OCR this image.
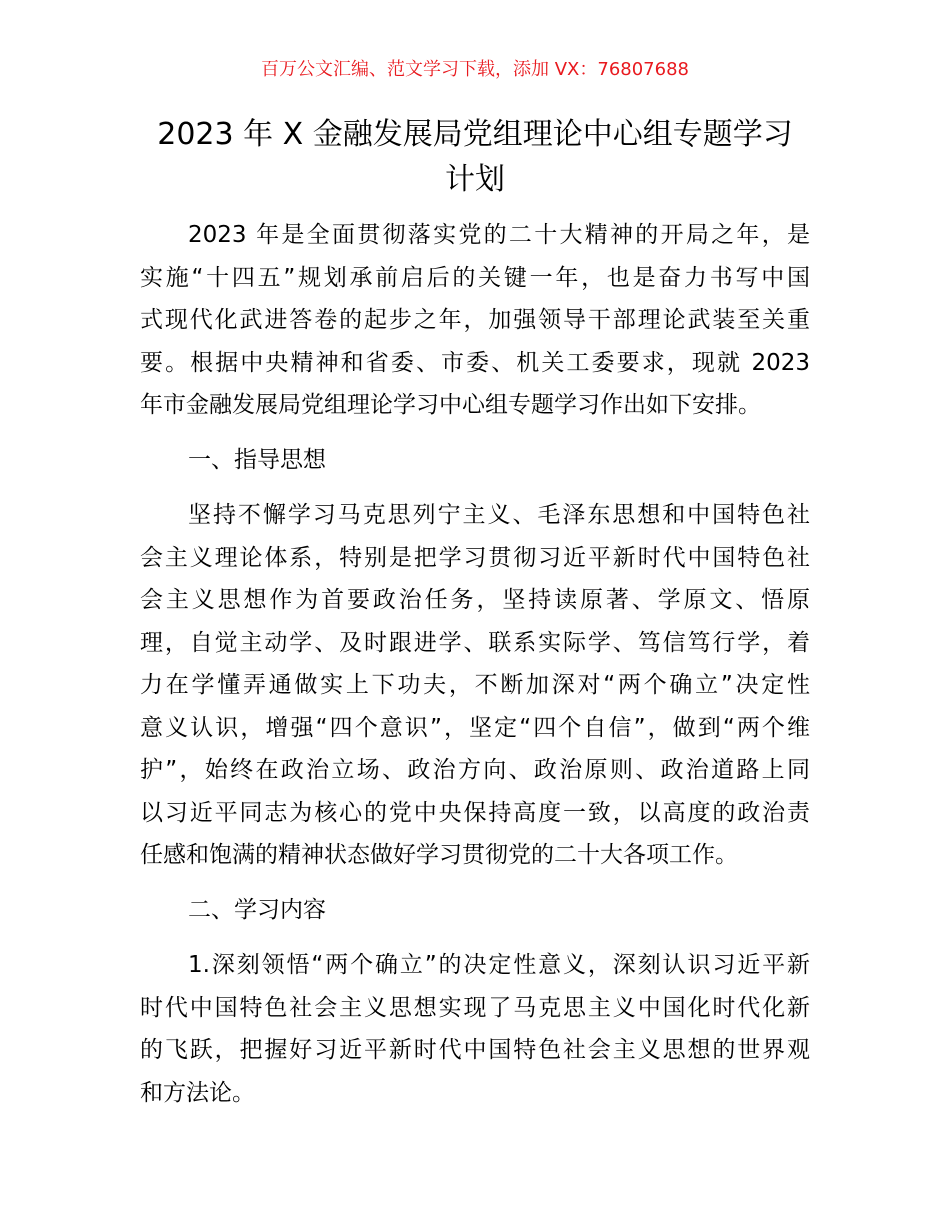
百万公文汇编、范文学习下载，添加 VX：76807688
2023 年 X 金融发展局党组理论中心组专题学习
计划
2023 年是全面贯彻落实党的二十大精神的开局之年，是
实施“十四五”规划承前启后的关键一年，也是奋力书写中国
式现代化武进答卷的起步之年，加强领导干部理论武装至关重
要。根据中央精神和省委、市委、机关工委要求，现就 2023
年市金融发展局党组理论学习中心组专题学习作出如下安排。
一、指导思想
坚持不懈学习马克思列宁主义、毛泽东思想和中国特色社
会主义理论体系，特别是把学习贯彻习近平新时代中国特色社
会主义思想作为首要政治任务，坚持读原著、学原文、悟原
理，自觉主动学、及时跟进学、联系实际学、笃信笃行学，着
力在学懂弄通做实上下功夫，不断加深对“两个确立”决定性
意义认识，增强“四个意识”，坚定“四个自信”，做到“两个维
护”，始终在政治立场、政治方向、政治原则、政治道路上同
以习近平同志为核心的党中央保持高度一致，以高度的政治责
任感和饱满的精神状态做好学习贯彻党的二十大各项工作。
二、学习内容
1.深刻领悟“两个确立”的决定性意义，深刻认识习近平新
时代中国特色社会主义思想实现了马克思主义中国化时代化新
的飞跃，把握好习近平新时代中国特色社会主义思想的世界观
和方法论。
